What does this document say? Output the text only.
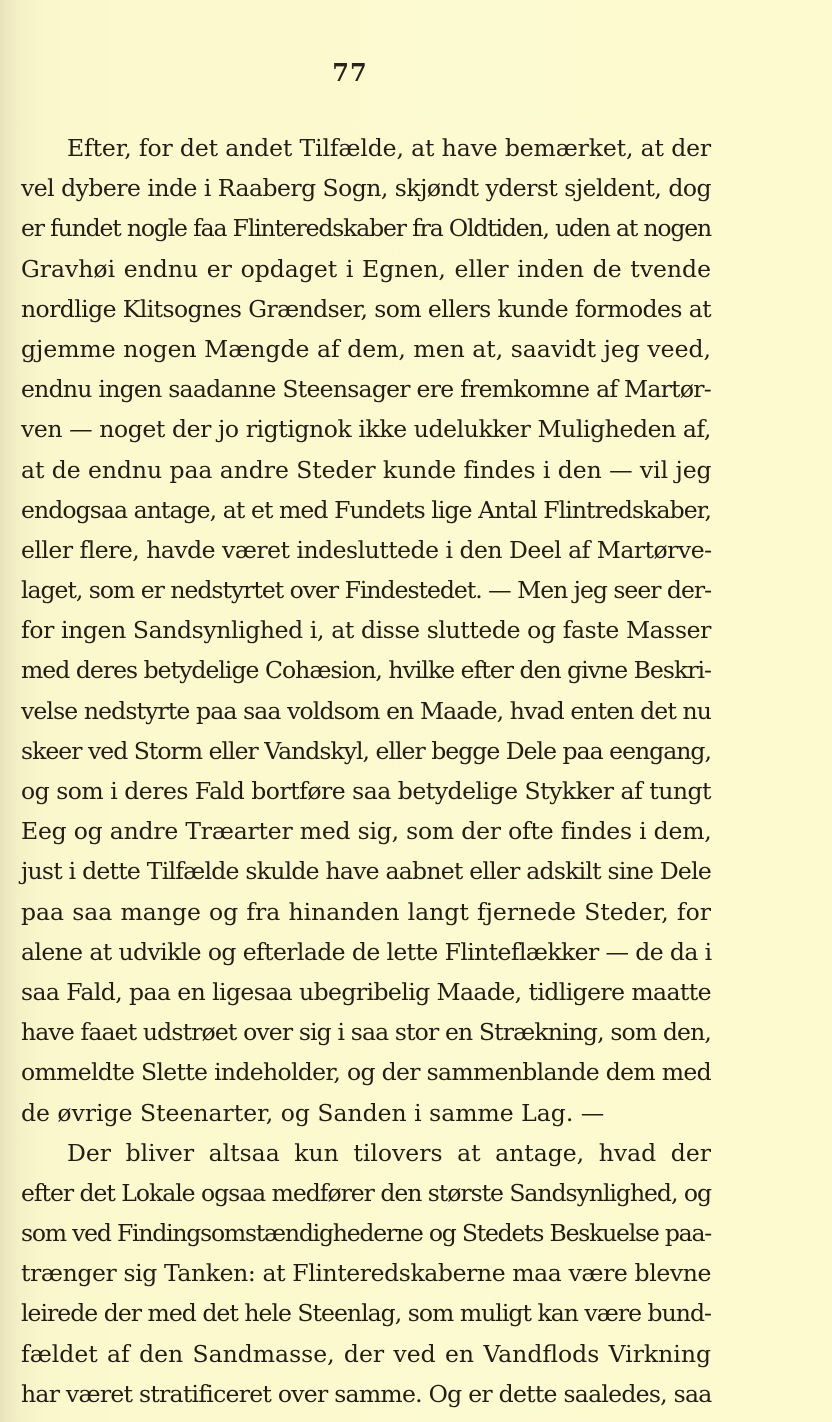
77
Efter, for det andet Tilfælde, at have bemærket, at der
vel dybere inde i Raaberg Sogn, skjøndt yderst sjeldent, dog
er fundet nogle faa Flinteredskaber fra Oldtiden, uden at nogen
Gravhøi endnu er opdaget i Egnen, eller inden de tvende
nordlige Klitsognes Grændser, som ellers kunde formodes at
gjemme nogen Mængde af dem, men at, saavidt jeg veed,
endnu ingen saadanne Steensager ere fremkomne af Martør-
ven — noget der jo rigtignok ikke udelukker Muligheden af,
at de endnu paa andre Steder kunde findes i den — vil jeg
endogsaa antage, at et med Fundets lige Antal Flintredskaber,
eller flere, havde været indesluttede i den Deel af Martørve-
laget, som er nedstyrtet over Findestedet. — Men jeg seer der-
for ingen Sandsynlighed i, at disse sluttede og faste Masser
med deres betydelige Cohæsion, hvilke efter den givne Beskri-
velse nedstyrte paa saa voldsom en Maade, hvad enten det nu
skeer ved Storm eller Vandskyl, eller begge Dele paa eengang,
og som i deres Fald bortføre saa betydelige Stykker af tungt
Eeg og andre Træarter med sig, som der ofte findes i dem,
just i dette Tilfælde skulde have aabnet eller adskilt sine Dele
paa saa mange og fra hinanden langt fjernede Steder, for
alene at udvikle og efterlade de lette Flinteflækker — de da i
saa Fald, paa en ligesaa ubegribelig Maade, tidligere maatte
have faaet udstrøet over sig i saa stor en Strækning, som den,
ommeldte Slette indeholder, og der sammenblande dem med
de øvrige Steenarter, og Sanden i samme Lag. —
Der bliver altsaa kun tilovers at antage, hvad der
efter det Lokale ogsaa medfører den største Sandsynlighed, og
som ved Findingsomstændighederne og Stedets Beskuelse paa-
trænger sig Tanken: at Flinteredskaberne maa være blevne
leirede der med det hele Steenlag, som muligt kan være bund-
fældet af den Sandmasse, der ved en Vandflods Virkning
har været stratificeret over samme. Og er dette saaledes, saa
